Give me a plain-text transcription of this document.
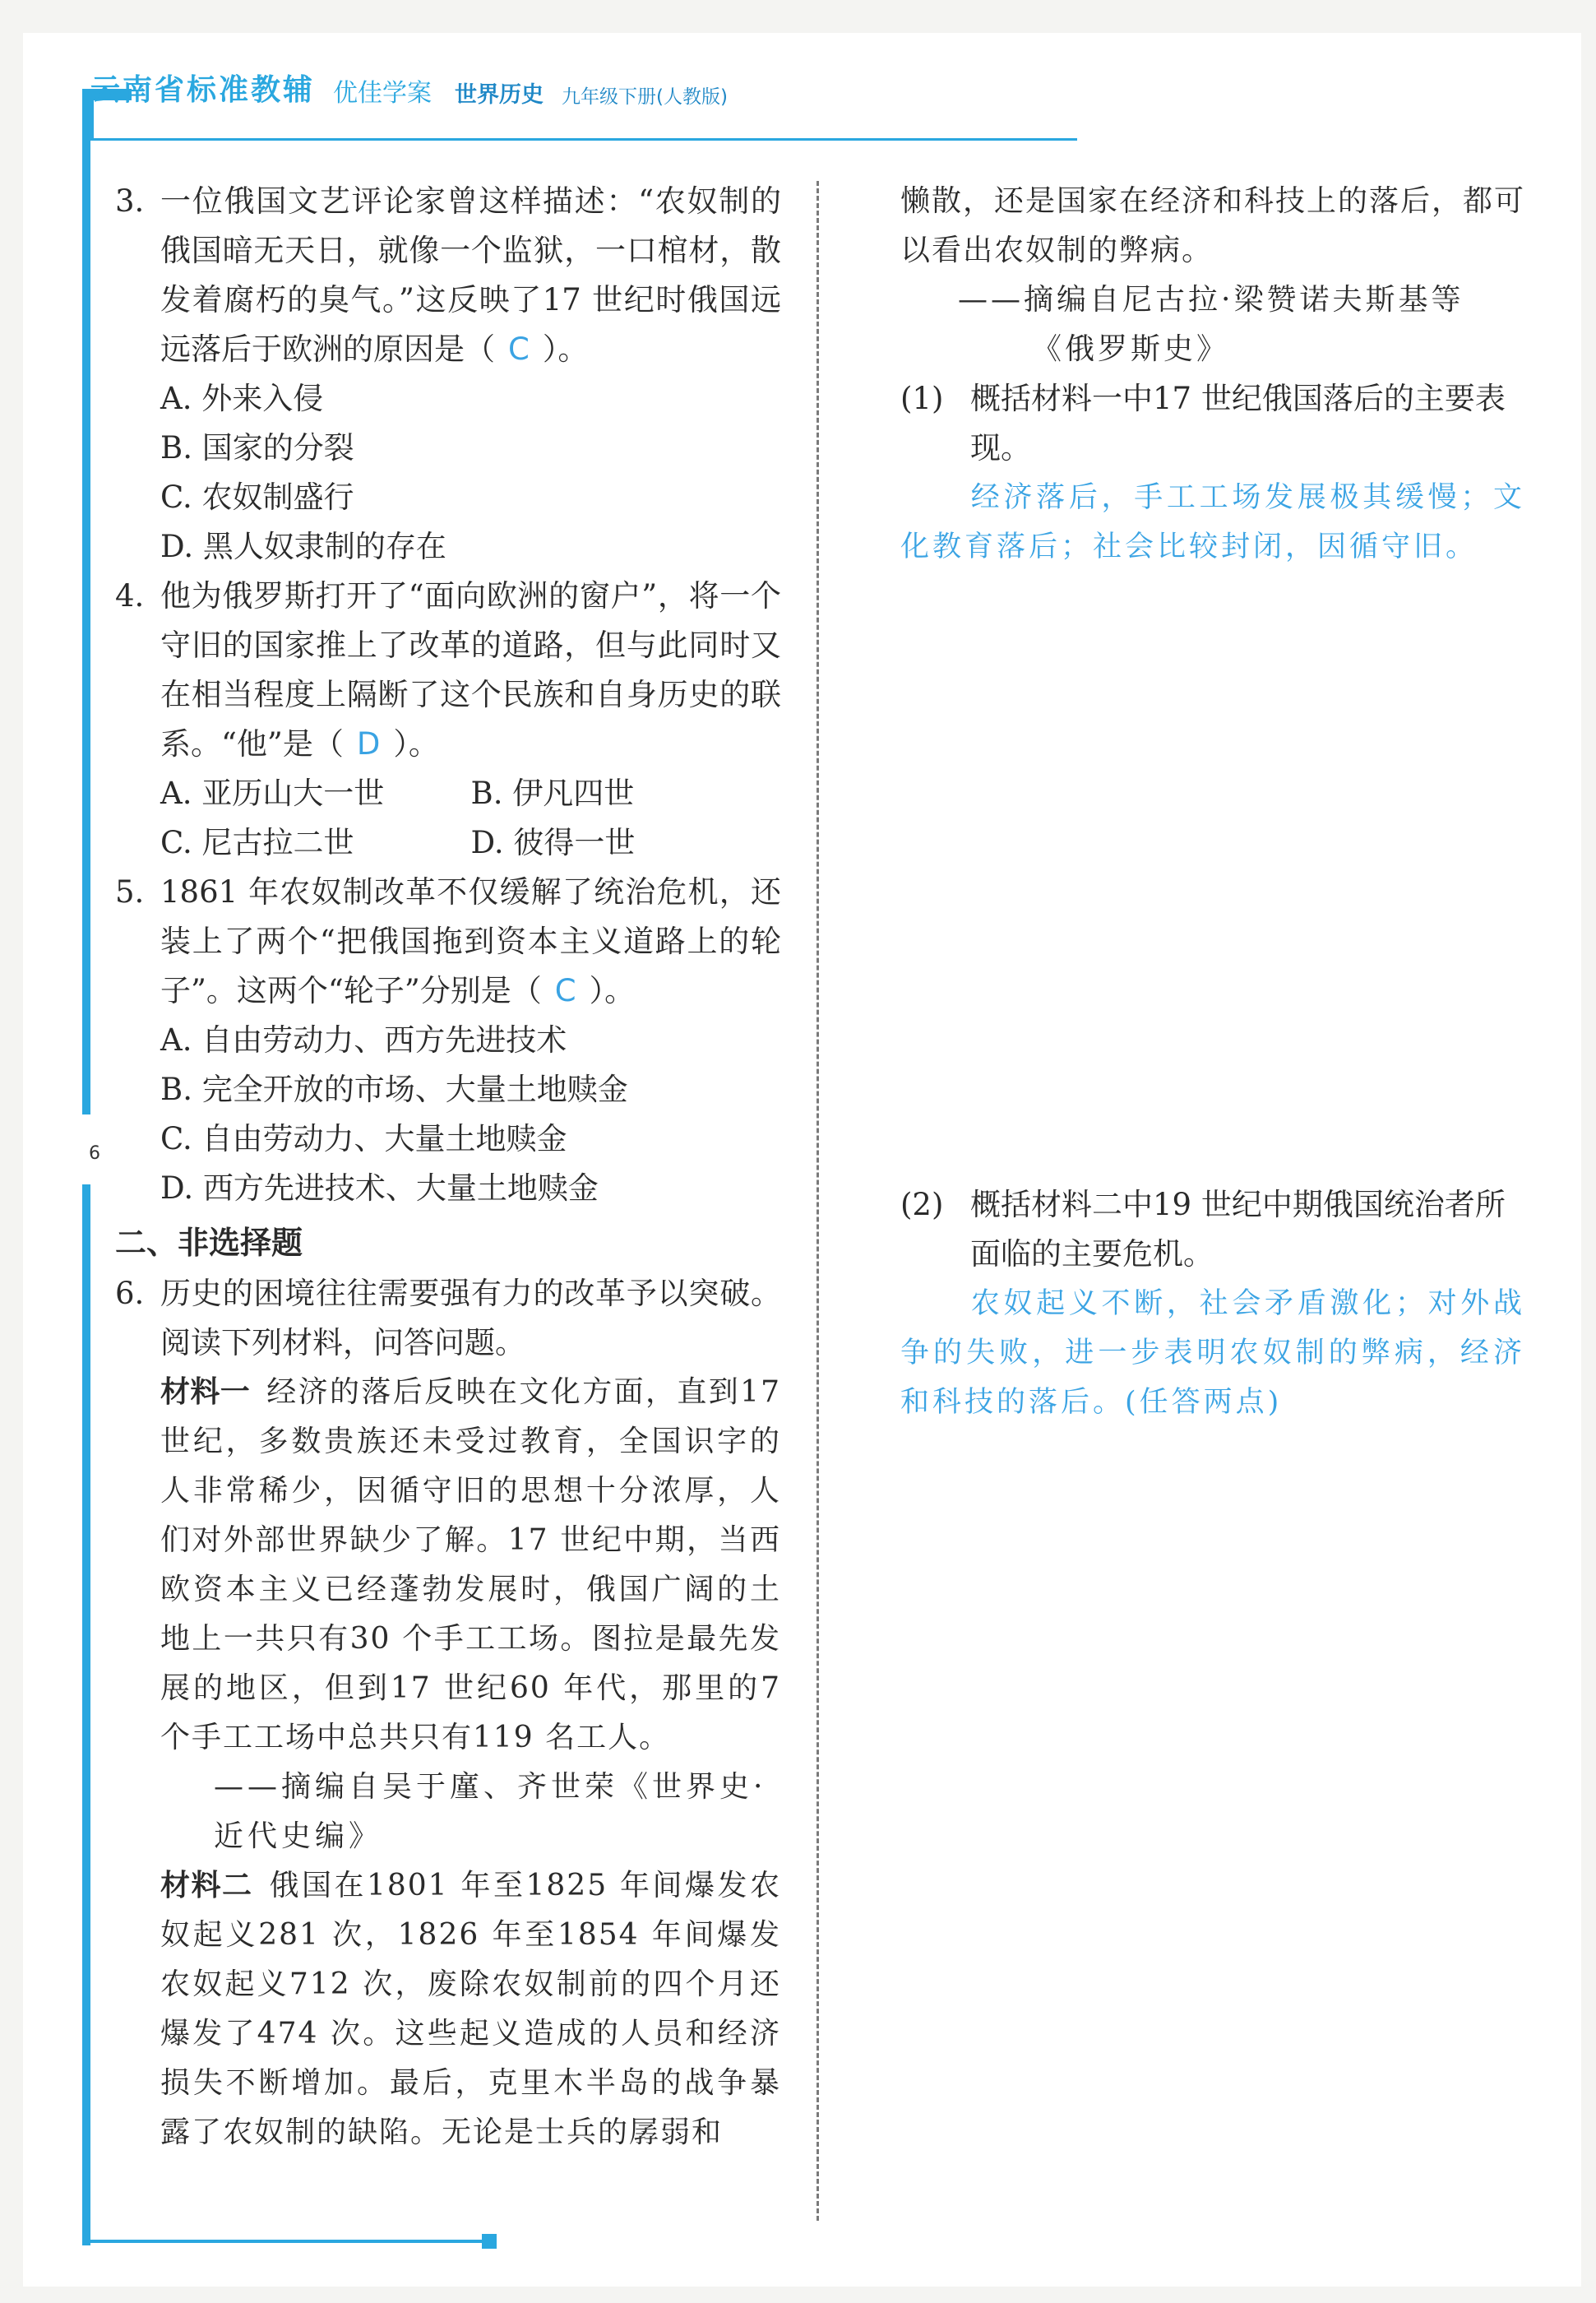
云南省标准教辅 优佳学案 世界历史 九年级下册(人教版)
6
3. 一位俄国文艺评论家曾这样描述：“农奴制的俄国暗无天日，就像一个监狱，一口棺材，散发着腐朽的臭气。”这反映了17 世纪时俄国远远落后于欧洲的原因是（ C ）。
A. 外来入侵
B. 国家的分裂
C. 农奴制盛行
D. 黑人奴隶制的存在
4. 他为俄罗斯打开了“面向欧洲的窗户”，将一个守旧的国家推上了改革的道路，但与此同时又在相当程度上隔断了这个民族和自身历史的联系。“他”是（ D ）。
A. 亚历山大一世	B. 伊凡四世
C. 尼古拉二世	D. 彼得一世
5. 1861 年农奴制改革不仅缓解了统治危机，还装上了两个“把俄国拖到资本主义道路上的轮子”。这两个“轮子”分别是（ C ）。
A. 自由劳动力、西方先进技术
B. 完全开放的市场、大量土地赎金
C. 自由劳动力、大量土地赎金
D. 西方先进技术、大量土地赎金
二、非选择题
6. 历史的困境往往需要强有力的改革予以突破。阅读下列材料，问答问题。
材料一 经济的落后反映在文化方面，直到17 世纪，多数贵族还未受过教育，全国识字的人非常稀少，因循守旧的思想十分浓厚，人们对外部世界缺少了解。17 世纪中期，当西欧资本主义已经蓬勃发展时，俄国广阔的土地上一共只有30 个手工工场。图拉是最先发展的地区，但到17 世纪60 年代，那里的7 个手工工场中总共只有119 名工人。
——摘编自吴于廑、齐世荣《世界史·近代史编》
材料二 俄国在1801 年至1825 年间爆发农奴起义281 次，1826 年至1854 年间爆发农奴起义712 次，废除农奴制前的四个月还爆发了474 次。这些起义造成的人员和经济损失不断增加。最后，克里木半岛的战争暴露了农奴制的缺陷。无论是士兵的孱弱和
懒散，还是国家在经济和科技上的落后，都可以看出农奴制的弊病。
——摘编自尼古拉·梁赞诺夫斯基等
《俄罗斯史》
(1) 概括材料一中17 世纪俄国落后的主要表现。
经济落后，手工工场发展极其缓慢；文化教育落后；社会比较封闭，因循守旧。
(2) 概括材料二中19 世纪中期俄国统治者所面临的主要危机。
农奴起义不断，社会矛盾激化；对外战争的失败，进一步表明农奴制的弊病，经济和科技的落后。(任答两点)
